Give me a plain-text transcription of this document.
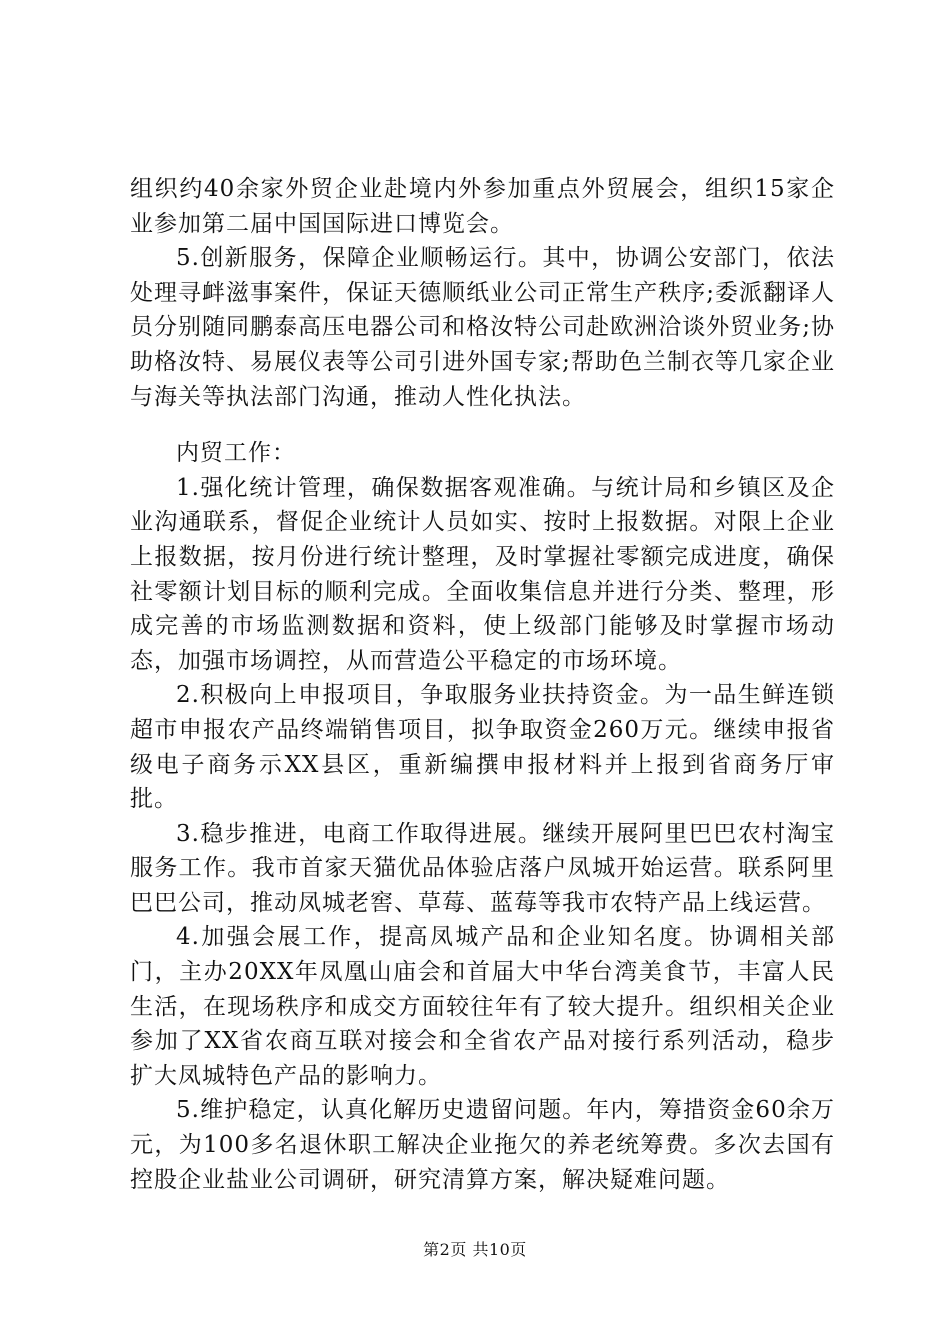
组织约40余家外贸企业赴境内外参加重点外贸展会，组织15家企业参加第二届中国国际进口博览会。

5.创新服务，保障企业顺畅运行。其中，协调公安部门，依法处理寻衅滋事案件，保证天德顺纸业公司正常生产秩序;委派翻译人员分别随同鹏泰高压电器公司和格汝特公司赴欧洲洽谈外贸业务;协助格汝特、易展仪表等公司引进外国专家;帮助色兰制衣等几家企业与海关等执法部门沟通，推动人性化执法。

内贸工作：

1.强化统计管理，确保数据客观准确。与统计局和乡镇区及企业沟通联系，督促企业统计人员如实、按时上报数据。对限上企业上报数据，按月份进行统计整理，及时掌握社零额完成进度，确保社零额计划目标的顺利完成。全面收集信息并进行分类、整理，形成完善的市场监测数据和资料，使上级部门能够及时掌握市场动态，加强市场调控，从而营造公平稳定的市场环境。

2.积极向上申报项目，争取服务业扶持资金。为一品生鲜连锁超市申报农产品终端销售项目，拟争取资金260万元。继续申报省级电子商务示XX县区，重新编撰申报材料并上报到省商务厅审批。

3.稳步推进，电商工作取得进展。继续开展阿里巴巴农村淘宝服务工作。我市首家天猫优品体验店落户凤城开始运营。联系阿里巴巴公司，推动凤城老窖、草莓、蓝莓等我市农特产品上线运营。

4.加强会展工作，提高凤城产品和企业知名度。协调相关部门，主办20XX年凤凰山庙会和首届大中华台湾美食节，丰富人民生活，在现场秩序和成交方面较往年有了较大提升。组织相关企业参加了XX省农商互联对接会和全省农产品对接行系列活动，稳步扩大凤城特色产品的影响力。

5.维护稳定，认真化解历史遗留问题。年内，筹措资金60余万元，为100多名退休职工解决企业拖欠的养老统筹费。多次去国有控股企业盐业公司调研，研究清算方案，解决疑难问题。

第2页 共10页
